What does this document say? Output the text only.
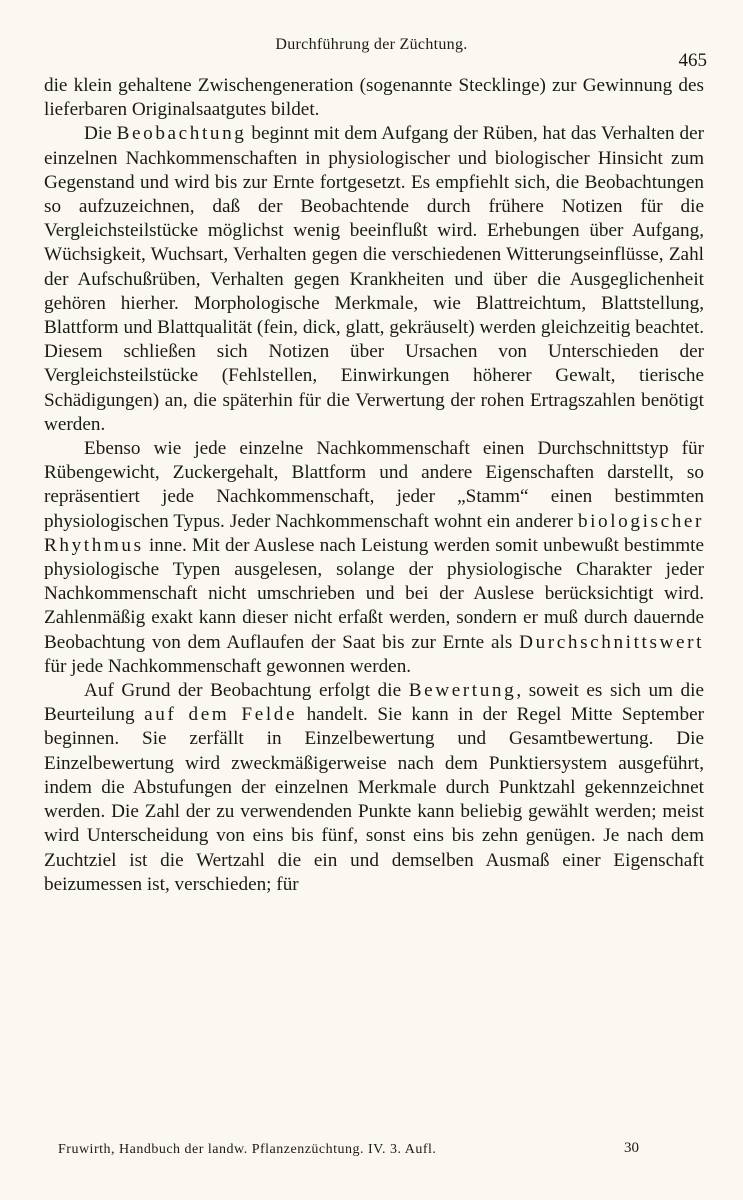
Durchführung der Züchtung.
465

die klein gehaltene Zwischengeneration (sogenannte Stecklinge) zur Gewinnung des lieferbaren Originalsaatgutes bildet.

Die Beobachtung beginnt mit dem Aufgang der Rüben, hat das Verhalten der einzelnen Nachkommenschaften in physiologischer und biologischer Hinsicht zum Gegenstand und wird bis zur Ernte fortgesetzt. Es empfiehlt sich, die Beobachtungen so aufzuzeichnen, daß der Beobachtende durch frühere Notizen für die Vergleichsteilstücke möglichst wenig beeinflußt wird. Erhebungen über Aufgang, Wüchsigkeit, Wuchsart, Verhalten gegen die verschiedenen Witterungseinflüsse, Zahl der Aufschußrüben, Verhalten gegen Krankheiten und über die Ausgeglichenheit gehören hierher. Morphologische Merkmale, wie Blattreichtum, Blattstellung, Blattform und Blattqualität (fein, dick, glatt, gekräuselt) werden gleichzeitig beachtet. Diesem schließen sich Notizen über Ursachen von Unterschieden der Vergleichsteilstücke (Fehlstellen, Einwirkungen höherer Gewalt, tierische Schädigungen) an, die späterhin für die Verwertung der rohen Ertragszahlen benötigt werden.

Ebenso wie jede einzelne Nachkommenschaft einen Durchschnittstyp für Rübengewicht, Zuckergehalt, Blattform und andere Eigenschaften darstellt, so repräsentiert jede Nachkommenschaft, jeder „Stamm“ einen bestimmten physiologischen Typus. Jeder Nachkommenschaft wohnt ein anderer biologischer Rhythmus inne. Mit der Auslese nach Leistung werden somit unbewußt bestimmte physiologische Typen ausgelesen, solange der physiologische Charakter jeder Nachkommenschaft nicht umschrieben und bei der Auslese berücksichtigt wird. Zahlenmäßig exakt kann dieser nicht erfaßt werden, sondern er muß durch dauernde Beobachtung von dem Auflaufen der Saat bis zur Ernte als Durchschnittswert für jede Nachkommenschaft gewonnen werden.

Auf Grund der Beobachtung erfolgt die Bewertung, soweit es sich um die Beurteilung auf dem Felde handelt. Sie kann in der Regel Mitte September beginnen. Sie zerfällt in Einzelbewertung und Gesamtbewertung. Die Einzelbewertung wird zweckmäßigerweise nach dem Punktiersystem ausgeführt, indem die Abstufungen der einzelnen Merkmale durch Punktzahl gekennzeichnet werden. Die Zahl der zu verwendenden Punkte kann beliebig gewählt werden; meist wird Unterscheidung von eins bis fünf, sonst eins bis zehn genügen. Je nach dem Zuchtziel ist die Wertzahl die ein und demselben Ausmaß einer Eigenschaft beizumessen ist, verschieden; für

Fruwirth, Handbuch der landw. Pflanzenzüchtung. IV. 3. Aufl.	30
